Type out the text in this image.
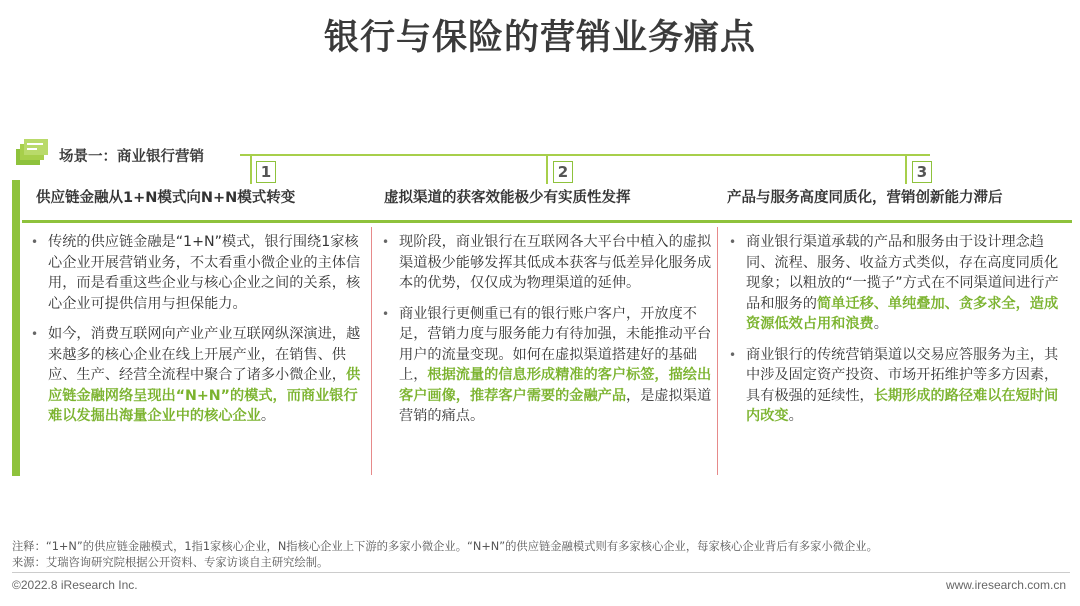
银行与保险的营销业务痛点
场景一：商业银行营销
1	2	3
供应链金融从1+N模式向N+N模式转变	虚拟渠道的获客效能极少有实质性发挥	产品与服务高度同质化，营销创新能力滞后
• 传统的供应链金融是“1+N”模式，银行围绕1家核心企业开展营销业务，不太看重小微企业的主体信用，而是看重这些企业与核心企业之间的关系，核心企业可提供信用与担保能力。
• 如今，消费互联网向产业产业互联网纵深演进，越来越多的核心企业在线上开展产业，在销售、供应、生产、经营全流程中聚合了诸多小微企业，供应链金融网络呈现出“N+N”的模式，而商业银行难以发掘出海量企业中的核心企业。
• 现阶段，商业银行在互联网各大平台中植入的虚拟渠道极少能够发挥其低成本获客与低差异化服务成本的优势，仅仅成为物理渠道的延伸。
• 商业银行更侧重已有的银行账户客户，开放度不足，营销力度与服务能力有待加强，未能推动平台用户的流量变现。如何在虚拟渠道搭建好的基础上，根据流量的信息形成精准的客户标签，描绘出客户画像，推荐客户需要的金融产品，是虚拟渠道营销的痛点。
• 商业银行渠道承载的产品和服务由于设计理念趋同、流程、服务、收益方式类似，存在高度同质化现象；以粗放的“一揽子”方式在不同渠道间进行产品和服务的简单迁移、单纯叠加、贪多求全，造成资源低效占用和浪费。
• 商业银行的传统营销渠道以交易应答服务为主，其中涉及固定资产投资、市场开拓维护等多方因素，具有极强的延续性，长期形成的路径难以在短时间内改变。
注释：“1+N”的供应链金融模式，1指1家核心企业，N指核心企业上下游的多家小微企业。“N+N”的供应链金融模式则有多家核心企业，每家核心企业背后有多家小微企业。
来源：艾瑞咨询研究院根据公开资料、专家访谈自主研究绘制。
©2022.8 iResearch Inc.	www.iresearch.com.cn
